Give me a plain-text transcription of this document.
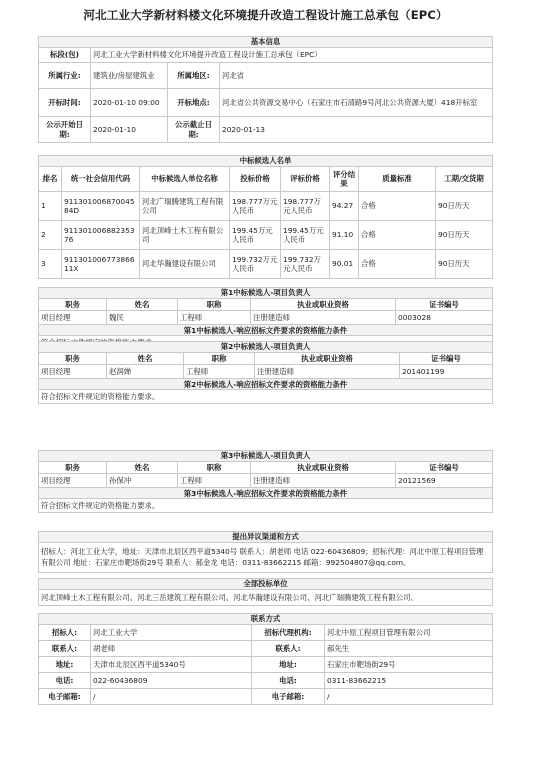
河北工业大学新材料楼文化环境提升改造工程设计施工总承包（EPC）
基本信息			
标段(包)	河北工业大学新材料楼文化环境提升改造工程设计施工总承包（EPC）		
所属行业:	建筑业/房屋建筑业	所属地区:	河北省
开标时间:	2020-01-10 09:00	开标地点:	河北省公共资源交易中心（石家庄市石清路9号河北公共资源大厦）418开标室
公示开始日期:	2020-01-10	公示截止日期:	2020-01-13
中标候选人名单							
排名	统一社会信用代码	中标候选人单位名称	投标价格	评标价格	评分结果	质量标准	工期/交货期
1	91130100687004584D	河北广瑞腾建筑工程有限公司	198.777万元人民币	198.777万元人民币	94.27	合格	90日历天
2	91130100688235376	河北顶峰土木工程有限公司	199.45万元人民币	199.45万元人民币	91.10	合格	90日历天
3	91130100677386611X	河北华瀚建设有限公司	199.732万元人民币	199.732万元人民币	90.01	合格	90日历天
第1中标候选人-项目负责人				
职务	姓名	职称	执业或职业资格	证书编号
项目经理	魏民	工程师	注册建造师	0003028
第1中标候选人-响应招标文件要求的资格能力条件				

第2中标候选人-项目负责人				
职务	姓名	职称	执业或职业资格	证书编号
项目经理	赵润婵	工程师	注册建造师	201401199
第2中标候选人-响应招标文件要求的资格能力条件				
符合招标文件规定的资格能力要求。				
第3中标候选人-项目负责人				
职务	姓名	职称	执业或职业资格	证书编号
项目经理	孙保冲	工程师	注册建造师	20121569
第3中标候选人-响应招标文件要求的资格能力条件				
符合招标文件规定的资格能力要求。				
提出异议渠道和方式
招标人：河北工业大学，地址：天津市北辰区西平道5340号 联系人：胡老师 电话 022-60436809；招标代理：河北中原工程项目管理有限公司 地址：石家庄市靶场街29号 联系人：郝金龙 电话：0311-83662215 邮箱：992504807@qq.com。
全部投标单位
河北顶峰土木工程有限公司、河北三岳建筑工程有限公司、河北华瀚建设有限公司、河北广瑞腾建筑工程有限公司、
联系方式			
招标人:	河北工业大学	招标代理机构:	河北中原工程项目管理有限公司
联系人:	胡老师	联系人:	郝先生
地址:	天津市北辰区西平道5340号	地址:	石家庄市靶场街29号
电话:	022-60436809	电话:	0311-83662215
电子邮箱:	/	电子邮箱:	/
